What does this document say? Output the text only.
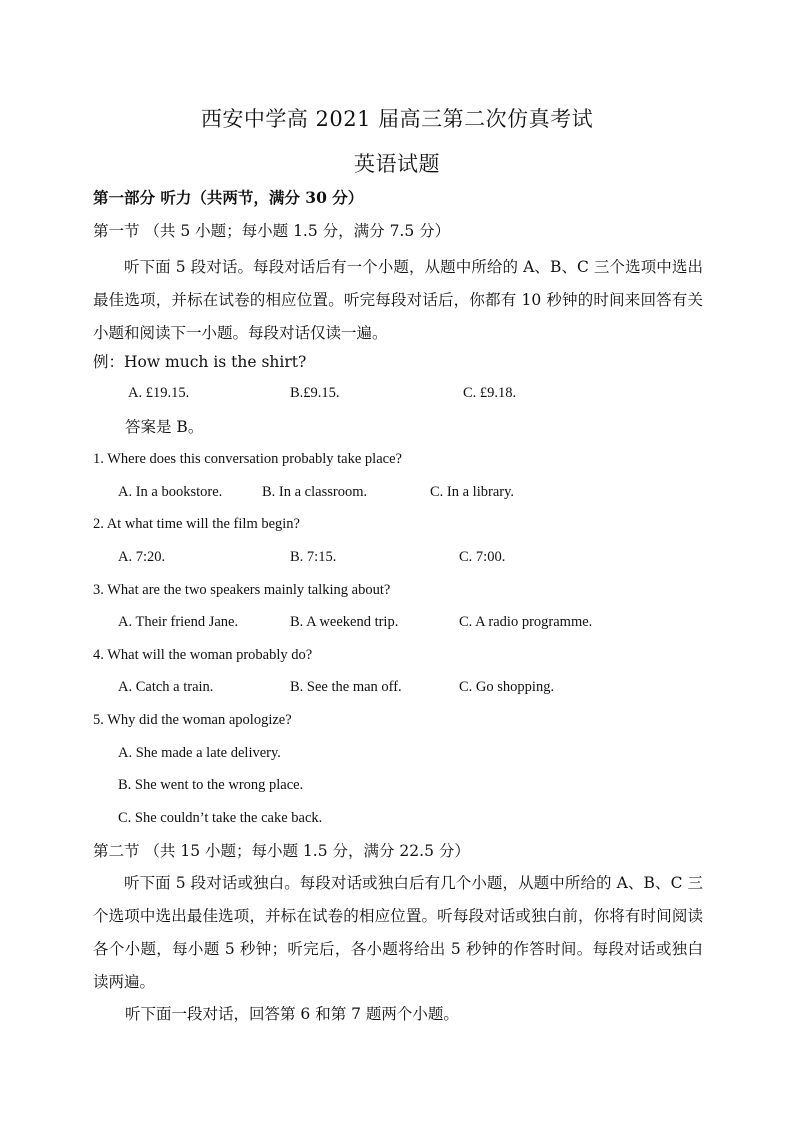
西安中学高 2021 届高三第二次仿真考试
英语试题
第一部分 听力（共两节，满分 30 分）
第一节 （共 5 小题；每小题 1.5 分，满分 7.5 分）
听下面 5 段对话。每段对话后有一个小题，从题中所给的 A、B、C 三个选项中选出最佳选项，并标在试卷的相应位置。听完每段对话后，你都有 10 秒钟的时间来回答有关小题和阅读下一小题。每段对话仅读一遍。
例：How much is the shirt?
A. £19.15.	B.£9.15.	C. £9.18.
答案是 B。
1. Where does this conversation probably take place?
A. In a bookstore.	B. In a classroom.	C. In a library.
2. At what time will the film begin?
A. 7:20.	B. 7:15.	C. 7:00.
3. What are the two speakers mainly talking about?
A. Their friend Jane.	B. A weekend trip.	C. A radio programme.
4. What will the woman probably do?
A. Catch a train.	B. See the man off.	C. Go shopping.
5. Why did the woman apologize?
A. She made a late delivery.
B. She went to the wrong place.
C. She couldn’t take the cake back.
第二节 （共 15 小题；每小题 1.5 分，满分 22.5 分）
听下面 5 段对话或独白。每段对话或独白后有几个小题，从题中所给的 A、B、C 三个选项中选出最佳选项，并标在试卷的相应位置。听每段对话或独白前，你将有时间阅读各个小题，每小题 5 秒钟；听完后，各小题将给出 5 秒钟的作答时间。每段对话或独白读两遍。
听下面一段对话，回答第 6 和第 7 题两个小题。
